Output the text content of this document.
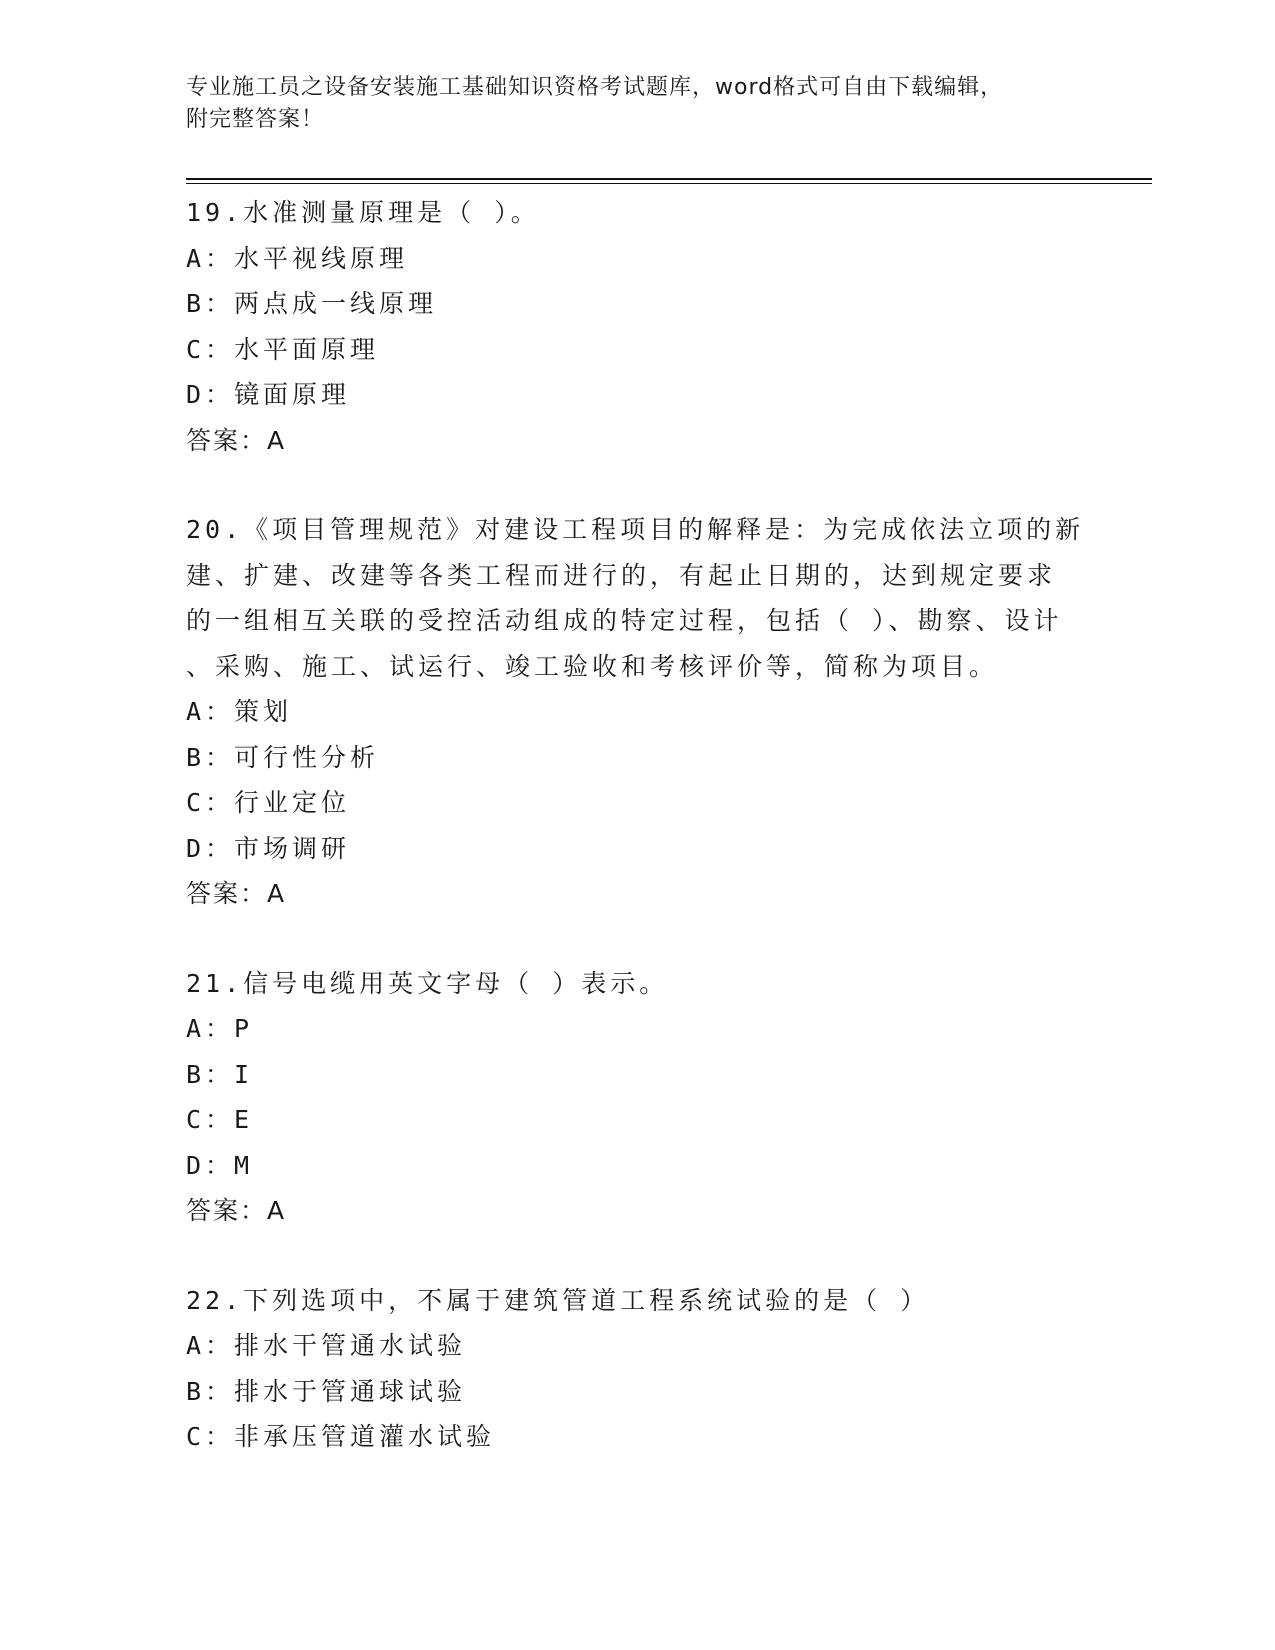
专业施工员之设备安装施工基础知识资格考试题库，word格式可自由下载编辑，
附完整答案！
19.水准测量原理是（ ）。
A：水平视线原理
B：两点成一线原理
C：水平面原理
D：镜面原理
答案：A
20.《项目管理规范》对建设工程项目的解释是：为完成依法立项的新
建、扩建、改建等各类工程而进行的，有起止日期的，达到规定要求
的一组相互关联的受控活动组成的特定过程，包括（ ）、勘察、设计
、采购、施工、试运行、竣工验收和考核评价等，简称为项目。
A：策划
B：可行性分析
C：行业定位
D：市场调研
答案：A
21.信号电缆用英文字母（ ）表示。
A：P
B：I
C：E
D：M
答案：A
22.下列选项中，不属于建筑管道工程系统试验的是（ ）
A：排水干管通水试验
B：排水于管通球试验
C：非承压管道灌水试验
